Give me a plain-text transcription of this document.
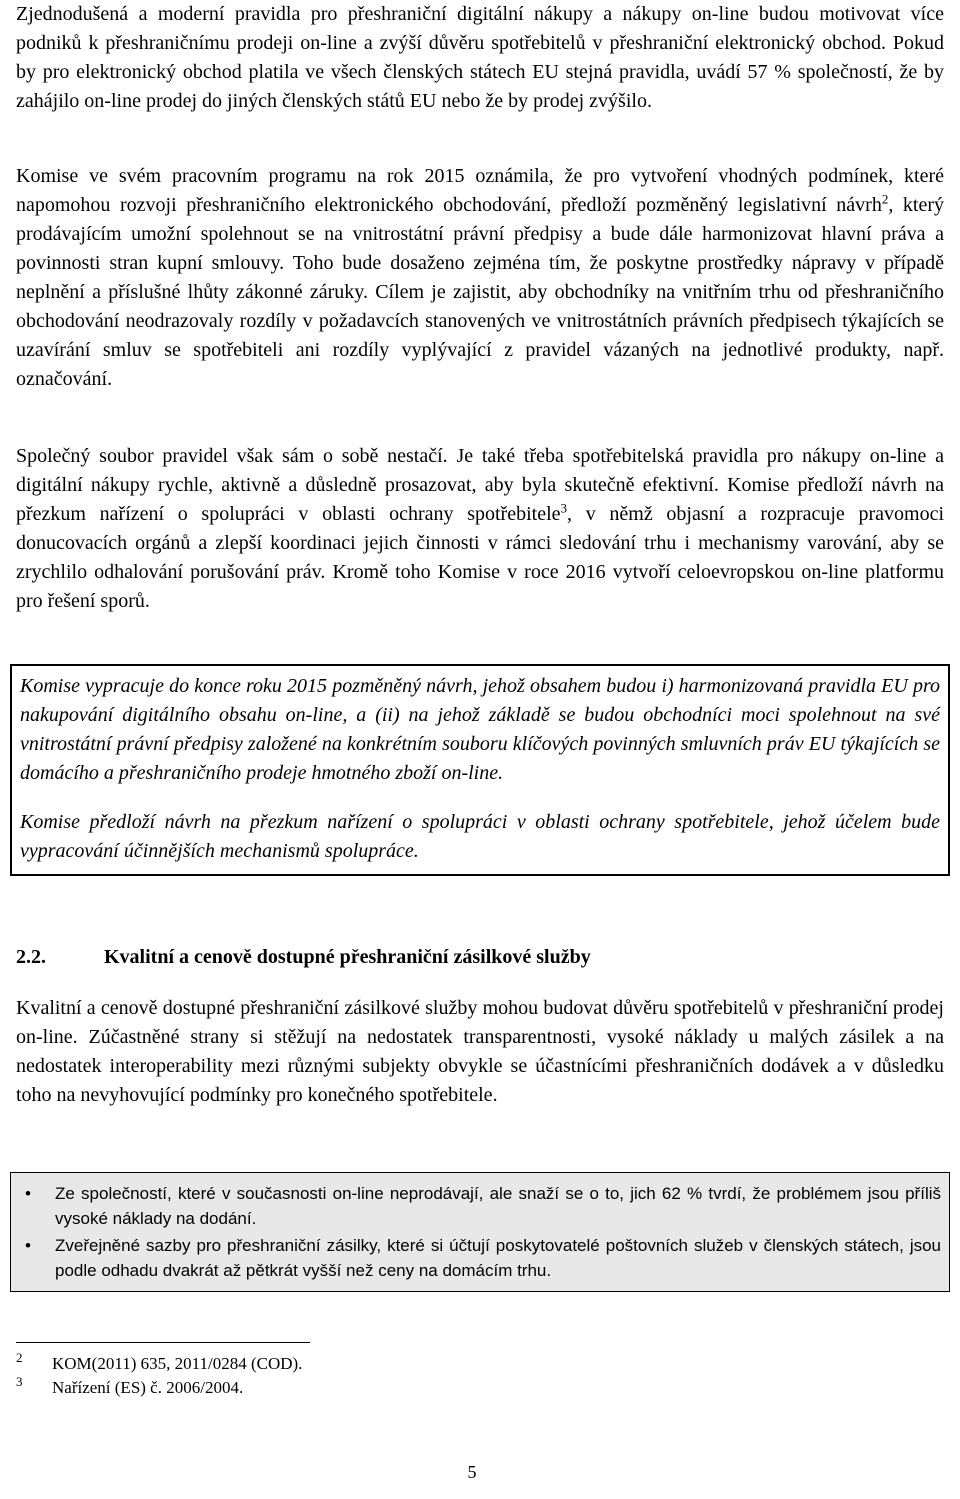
Zjednodušená a moderní pravidla pro přeshraniční digitální nákupy a nákupy on-line budou motivovat více podniků k přeshraničnímu prodeji on-line a zvýší důvěru spotřebitelů v přeshraniční elektronický obchod. Pokud by pro elektronický obchod platila ve všech členských státech EU stejná pravidla, uvádí 57 % společností, že by zahájilo on-line prodej do jiných členských států EU nebo že by prodej zvýšilo.

Komise ve svém pracovním programu na rok 2015 oznámila, že pro vytvoření vhodných podmínek, které napomohou rozvoji přeshraničního elektronického obchodování, předloží pozměněný legislativní návrh$^2$, který prodávajícím umožní spolehnout se na vnitrostátní právní předpisy a bude dále harmonizovat hlavní práva a povinnosti stran kupní smlouvy. Toho bude dosaženo zejména tím, že poskytne prostředky nápravy v případě neplnění a příslušné lhůty zákonné záruky. Cílem je zajistit, aby obchodníky na vnitřním trhu od přeshraničního obchodování neodrazovaly rozdíly v požadavcích stanovených ve vnitrostátních právních předpisech týkajících se uzavírání smluv se spotřebiteli ani rozdíly vyplývající z pravidel vázaných na jednotlivé produkty, např. označování.

Společný soubor pravidel však sám o sobě nestačí. Je také třeba spotřebitelská pravidla pro nákupy on-line a digitální nákupy rychle, aktivně a důsledně prosazovat, aby byla skutečně efektivní. Komise předloží návrh na přezkum nařízení o spolupráci v oblasti ochrany spotřebitele$^3$, v němž objasní a rozpracuje pravomoci donucovacích orgánů a zlepší koordinaci jejich činnosti v rámci sledování trhu i mechanismy varování, aby se zrychlilo odhalování porušování práv. Kromě toho Komise v roce 2016 vytvoří celoevropskou on-line platformu pro řešení sporů.

Komise vypracuje do konce roku 2015 pozměněný návrh, jehož obsahem budou i) harmonizovaná pravidla EU pro nakupování digitálního obsahu on-line, a (ii) na jehož základě se budou obchodníci moci spolehnout na své vnitrostátní právní předpisy založené na konkrétním souboru klíčových povinných smluvních práv EU týkajících se domácího a přeshraničního prodeje hmotného zboží on-line.

Komise předloží návrh na přezkum nařízení o spolupráci v oblasti ochrany spotřebitele, jehož účelem bude vypracování účinnějších mechanismů spolupráce.

2.2.	Kvalitní a cenově dostupné přeshraniční zásilkové služby

Kvalitní a cenově dostupné přeshraniční zásilkové služby mohou budovat důvěru spotřebitelů v přeshraniční prodej on-line. Zúčastněné strany si stěžují na nedostatek transparentnosti, vysoké náklady u malých zásilek a na nedostatek interoperability mezi různými subjekty obvykle se účastnícími přeshraničních dodávek a v důsledku toho na nevyhovující podmínky pro konečného spotřebitele.

• Ze společností, které v současnosti on-line neprodávají, ale snaží se o to, jich 62 % tvrdí, že problémem jsou příliš vysoké náklady na dodání.
• Zveřejněné sazby pro přeshraniční zásilky, které si účtují poskytovatelé poštovních služeb v členských státech, jsou podle odhadu dvakrát až pětkrát vyšší než ceny na domácím trhu.
2 KOM(2011) 635, 2011/0284 (COD).
3 Nařízení (ES) č. 2006/2004.
5
